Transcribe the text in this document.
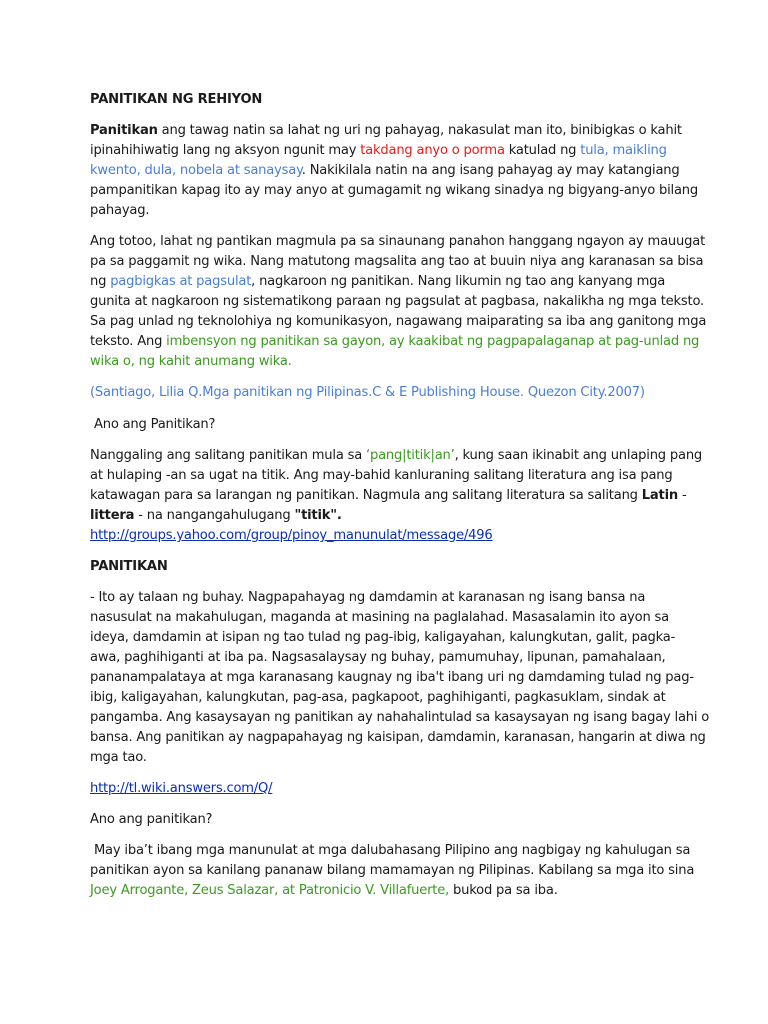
PANITIKAN NG REHIYON

Panitikan ang tawag natin sa lahat ng uri ng pahayag, nakasulat man ito, binibigkas o kahit
ipinahihiwatig lang ng aksyon ngunit may takdang anyo o porma katulad ng tula, maikling
kwento, dula, nobela at sanaysay. Nakikilala natin na ang isang pahayag ay may katangiang
pampanitikan kapag ito ay may anyo at gumagamit ng wikang sinadya ng bigyang-anyo bilang
pahayag.

Ang totoo, lahat ng pantikan magmula pa sa sinaunang panahon hanggang ngayon ay mauugat
pa sa paggamit ng wika. Nang matutong magsalita ang tao at buuin niya ang karanasan sa bisa
ng pagbigkas at pagsulat, nagkaroon ng panitikan. Nang likumin ng tao ang kanyang mga
gunita at nagkaroon ng sistematikong paraan ng pagsulat at pagbasa, nakalikha ng mga teksto.
Sa pag unlad ng teknolohiya ng komunikasyon, nagawang maiparating sa iba ang ganitong mga
teksto. Ang imbensyon ng panitikan sa gayon, ay kaakibat ng pagpapalaganap at pag-unlad ng
wika o, ng kahit anumang wika.

(Santiago, Lilia Q.Mga panitikan ng Pilipinas.C & E Publishing House. Quezon City.2007)

Ano ang Panitikan?

Nanggaling ang salitang panitikan mula sa ‘pang|titik|an’, kung saan ikinabit ang unlaping pang
at hulaping -an sa ugat na titik. Ang may-bahid kanluraning salitang literatura ang isa pang
katawagan para sa larangan ng panitikan. Nagmula ang salitang literatura sa salitang Latin -
littera - na nangangahulugang "titik".
http://groups.yahoo.com/group/pinoy_manunulat/message/496

PANITIKAN

- Ito ay talaan ng buhay. Nagpapahayag ng damdamin at karanasan ng isang bansa na
nasusulat na makahulugan, maganda at masining na paglalahad. Masasalamin ito ayon sa
ideya, damdamin at isipan ng tao tulad ng pag-ibig, kaligayahan, kalungkutan, galit, pagka-
awa, paghihiganti at iba pa. Nagsasalaysay ng buhay, pamumuhay, lipunan, pamahalaan,
pananampalataya at mga karanasang kaugnay ng iba't ibang uri ng damdaming tulad ng pag-
ibig, kaligayahan, kalungkutan, pag-asa, pagkapoot, paghihiganti, pagkasuklam, sindak at
pangamba. Ang kasaysayan ng panitikan ay nahahalintulad sa kasaysayan ng isang bagay lahi o
bansa. Ang panitikan ay nagpapahayag ng kaisipan, damdamin, karanasan, hangarin at diwa ng
mga tao.

http://tl.wiki.answers.com/Q/

Ano ang panitikan?

May iba’t ibang mga manunulat at mga dalubahasang Pilipino ang nagbigay ng kahulugan sa
panitikan ayon sa kanilang pananaw bilang mamamayan ng Pilipinas. Kabilang sa mga ito sina
Joey Arrogante, Zeus Salazar, at Patronicio V. Villafuerte, bukod pa sa iba.
